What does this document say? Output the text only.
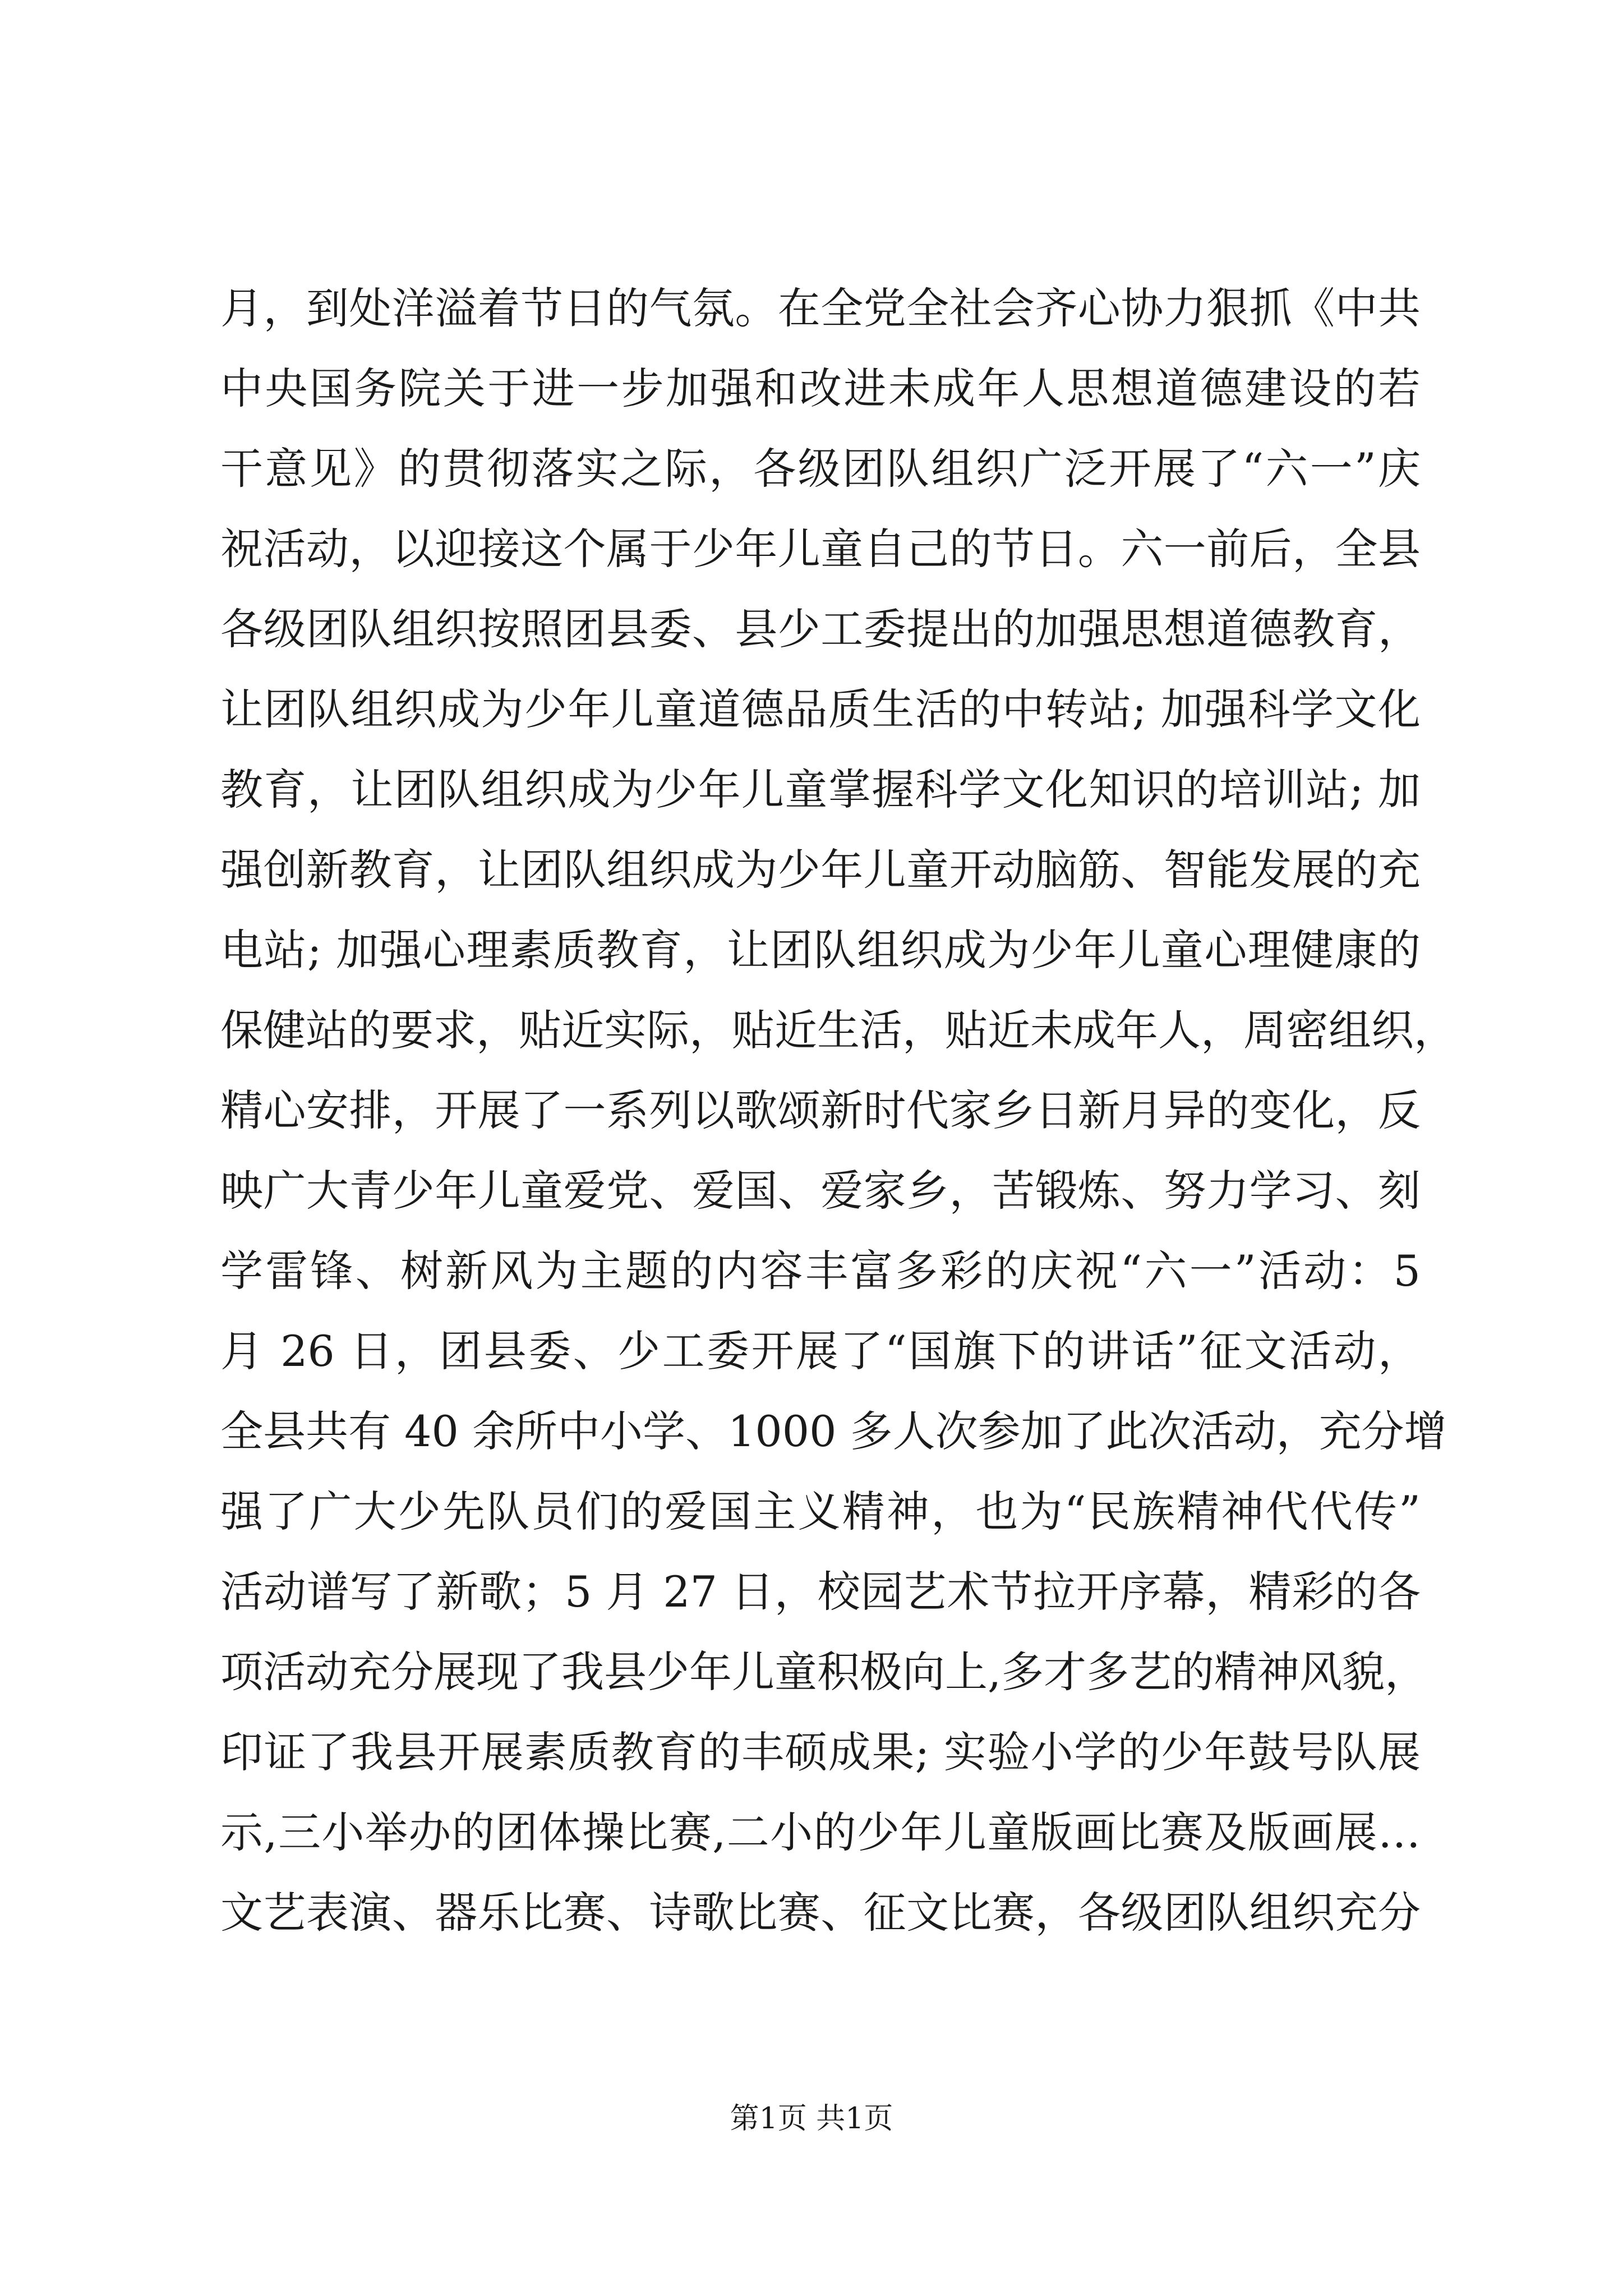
月，到处洋溢着节日的气氛。在全党全社会齐心协力狠抓《中共
中央国务院关于进一步加强和改进未成年人思想道德建设的若
干意见》的贯彻落实之际，各级团队组织广泛开展了“六一”庆
祝活动，以迎接这个属于少年儿童自己的节日。六一前后，全县
各级团队组织按照团县委、县少工委提出的加强思想道德教育，
让团队组织成为少年儿童道德品质生活的中转站; 加强科学文化
教育，让团队组织成为少年儿童掌握科学文化知识的培训站; 加
强创新教育，让团队组织成为少年儿童开动脑筋、智能发展的充
电站; 加强心理素质教育，让团队组织成为少年儿童心理健康的
保健站的要求，贴近实际，贴近生活，贴近未成年人，周密组织，
精心安排，开展了一系列以歌颂新时代家乡日新月异的变化，反
映广大青少年儿童爱党、爱国、爱家乡，苦锻炼、努力学习、刻
学雷锋、树新风为主题的内容丰富多彩的庆祝“六一”活动：5
月 26 日，团县委、少工委开展了“国旗下的讲话”征文活动，
全县共有 40 余所中小学、1000 多人次参加了此次活动，充分增
强了广大少先队员们的爱国主义精神，也为“民族精神代代传”
活动谱写了新歌；5 月 27 日，校园艺术节拉开序幕，精彩的各
项活动充分展现了我县少年儿童积极向上,多才多艺的精神风貌，
印证了我县开展素质教育的丰硕成果; 实验小学的少年鼓号队展
示,三小举办的团体操比赛,二小的少年儿童版画比赛及版画展…
文艺表演、器乐比赛、诗歌比赛、征文比赛，各级团队组织充分
第1页 共1页
